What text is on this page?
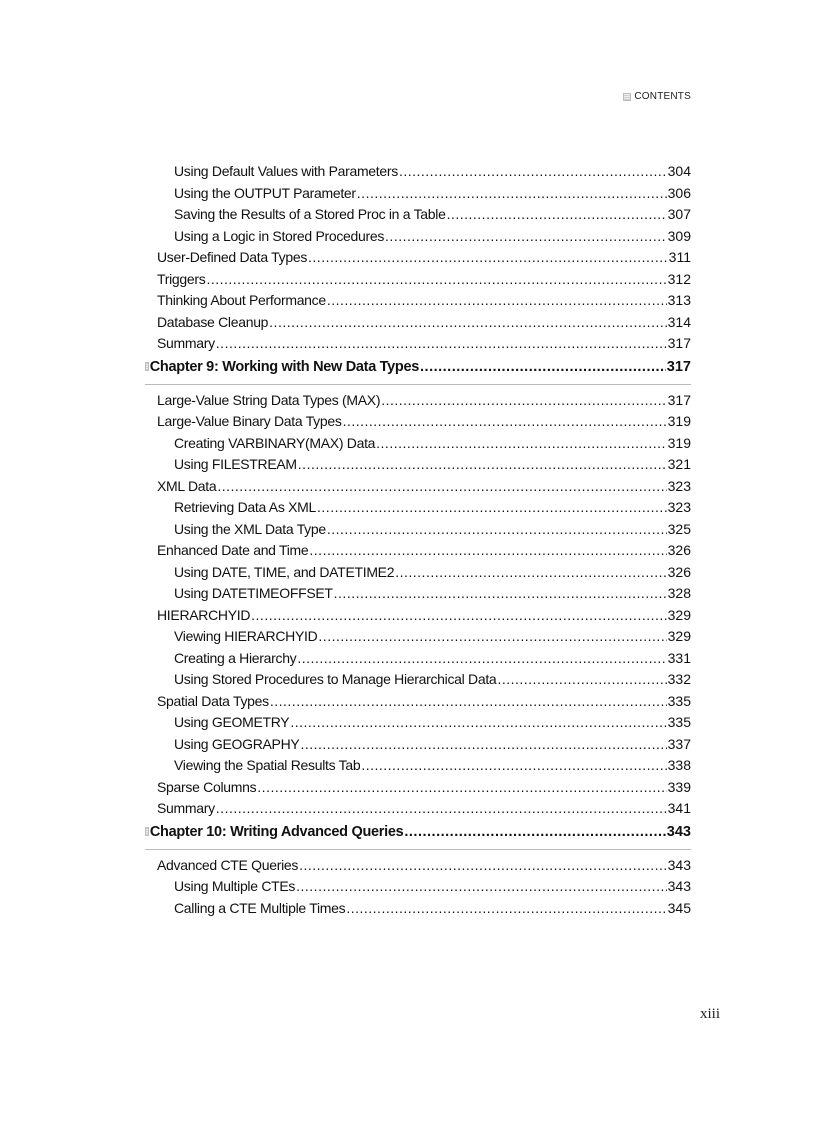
CONTENTS
Using Default Values with Parameters .....	304
Using the OUTPUT Parameter .....	306
Saving the Results of a Stored Proc in a Table .....	307
Using a Logic in Stored Procedures .....	309
User-Defined Data Types .....	311
Triggers .....	312
Thinking About Performance .....	313
Database Cleanup .....	314
Summary .....	317
Chapter 9: Working with New Data Types .....	317
Large-Value String Data Types (MAX) .....	317
Large-Value Binary Data Types .....	319
Creating VARBINARY(MAX) Data .....	319
Using FILESTREAM .....	321
XML Data .....	323
Retrieving Data As XML .....	323
Using the XML Data Type .....	325
Enhanced Date and Time .....	326
Using DATE, TIME, and DATETIME2 .....	326
Using DATETIMEOFFSET .....	328
HIERARCHYID .....	329
Viewing HIERARCHYID .....	329
Creating a Hierarchy .....	331
Using Stored Procedures to Manage Hierarchical Data .....	332
Spatial Data Types .....	335
Using GEOMETRY .....	335
Using GEOGRAPHY .....	337
Viewing the Spatial Results Tab .....	338
Sparse Columns .....	339
Summary .....	341
Chapter 10: Writing Advanced Queries .....	343
Advanced CTE Queries .....	343
Using Multiple CTEs .....	343
Calling a CTE Multiple Times .....	345
xiii
